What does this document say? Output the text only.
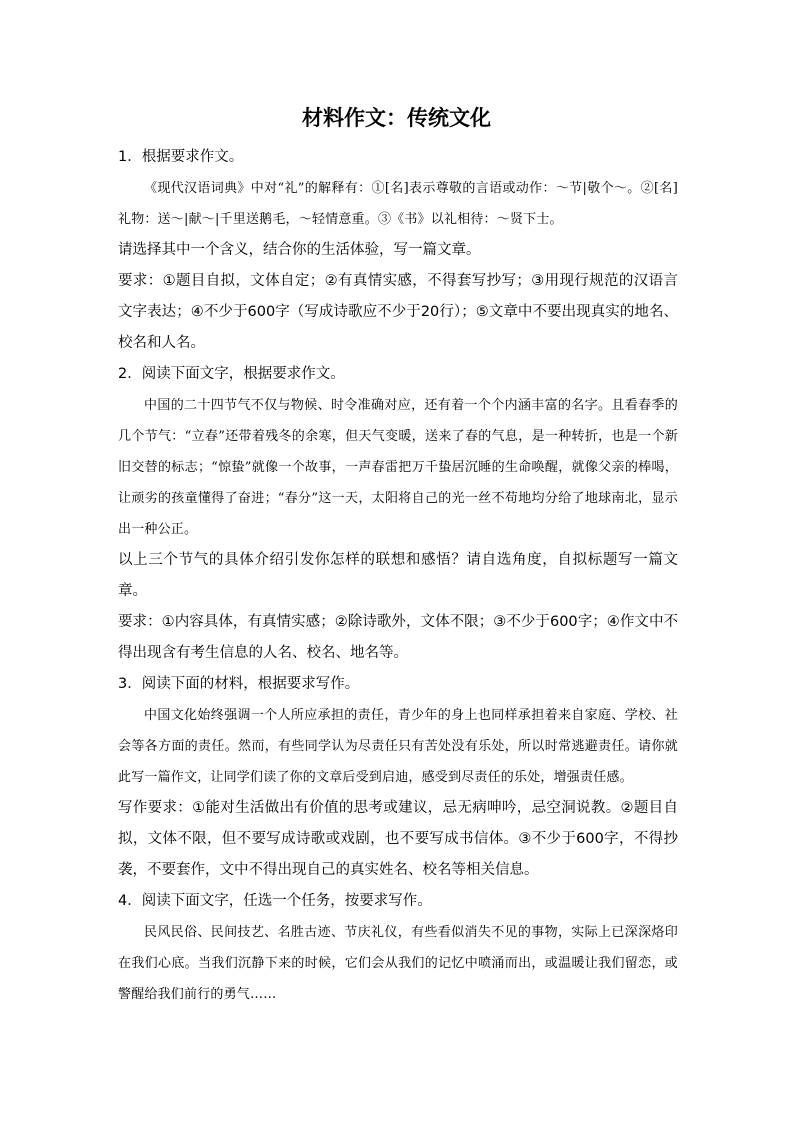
材料作文：传统文化

1．根据要求作文。

《现代汉语词典》中对“礼”的解释有：①[名]表示尊敬的言语或动作：～节|敬个～。②[名]礼物：送～|献～|千里送鹅毛，～轻情意重。③《书》以礼相待：～贤下士。

请选择其中一个含义，结合你的生活体验，写一篇文章。

要求：①题目自拟，文体自定；②有真情实感，不得套写抄写；③用现行规范的汉语言文字表达；④不少于600字（写成诗歌应不少于20行）；⑤文章中不要出现真实的地名、校名和人名。

2．阅读下面文字，根据要求作文。

中国的二十四节气不仅与物候、时令准确对应，还有着一个个内涵丰富的名字。且看春季的几个节气：“立春”还带着残冬的余寒，但天气变暖，送来了春的气息，是一种转折，也是一个新旧交替的标志；“惊蛰”就像一个故事，一声春雷把万千蛰居沉睡的生命唤醒，就像父亲的棒喝，让顽劣的孩童懂得了奋进；“春分”这一天，太阳将自己的光一丝不苟地均分给了地球南北，显示出一种公正。

以上三个节气的具体介绍引发你怎样的联想和感悟？请自选角度，自拟标题写一篇文章。

要求：①内容具体，有真情实感；②除诗歌外，文体不限；③不少于600字；④作文中不得出现含有考生信息的人名、校名、地名等。

3．阅读下面的材料，根据要求写作。

中国文化始终强调一个人所应承担的责任，青少年的身上也同样承担着来自家庭、学校、社会等各方面的责任。然而，有些同学认为尽责任只有苦处没有乐处，所以时常逃避责任。请你就此写一篇作文，让同学们读了你的文章后受到启迪，感受到尽责任的乐处，增强责任感。

写作要求：①能对生活做出有价值的思考或建议，忌无病呻吟，忌空洞说教。②题目自拟，文体不限，但不要写成诗歌或戏剧，也不要写成书信体。③不少于600字，不得抄袭，不要套作，文中不得出现自己的真实姓名、校名等相关信息。

4．阅读下面文字，任选一个任务，按要求写作。

民风民俗、民间技艺、名胜古迹、节庆礼仪，有些看似消失不见的事物，实际上已深深烙印在我们心底。当我们沉静下来的时候，它们会从我们的记忆中喷涌而出，或温暖让我们留恋，或警醒给我们前行的勇气……
